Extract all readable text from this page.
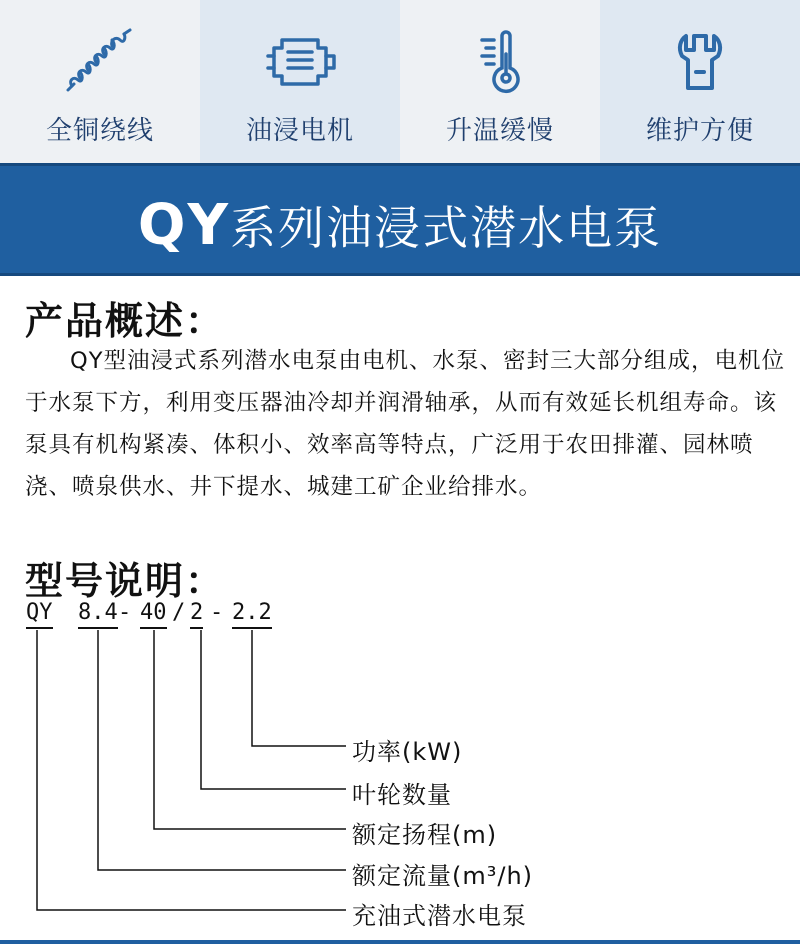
全铜绕线	油浸电机	升温缓慢	维护方便
QY系列油浸式潜水电泵
产品概述：
QY型油浸式系列潜水电泵由电机、水泵、密封三大部分组成，电机位于水泵下方，利用变压器油冷却并润滑轴承，从而有效延长机组寿命。该泵具有机构紧凑、体积小、效率高等特点，广泛用于农田排灌、园林喷浇、喷泉供水、井下提水、城建工矿企业给排水。
型号说明：
QY 8.4 - 40 / 2 - 2.2
功率(kW)
叶轮数量
额定扬程(m)
额定流量(m³/h)
充油式潜水电泵
